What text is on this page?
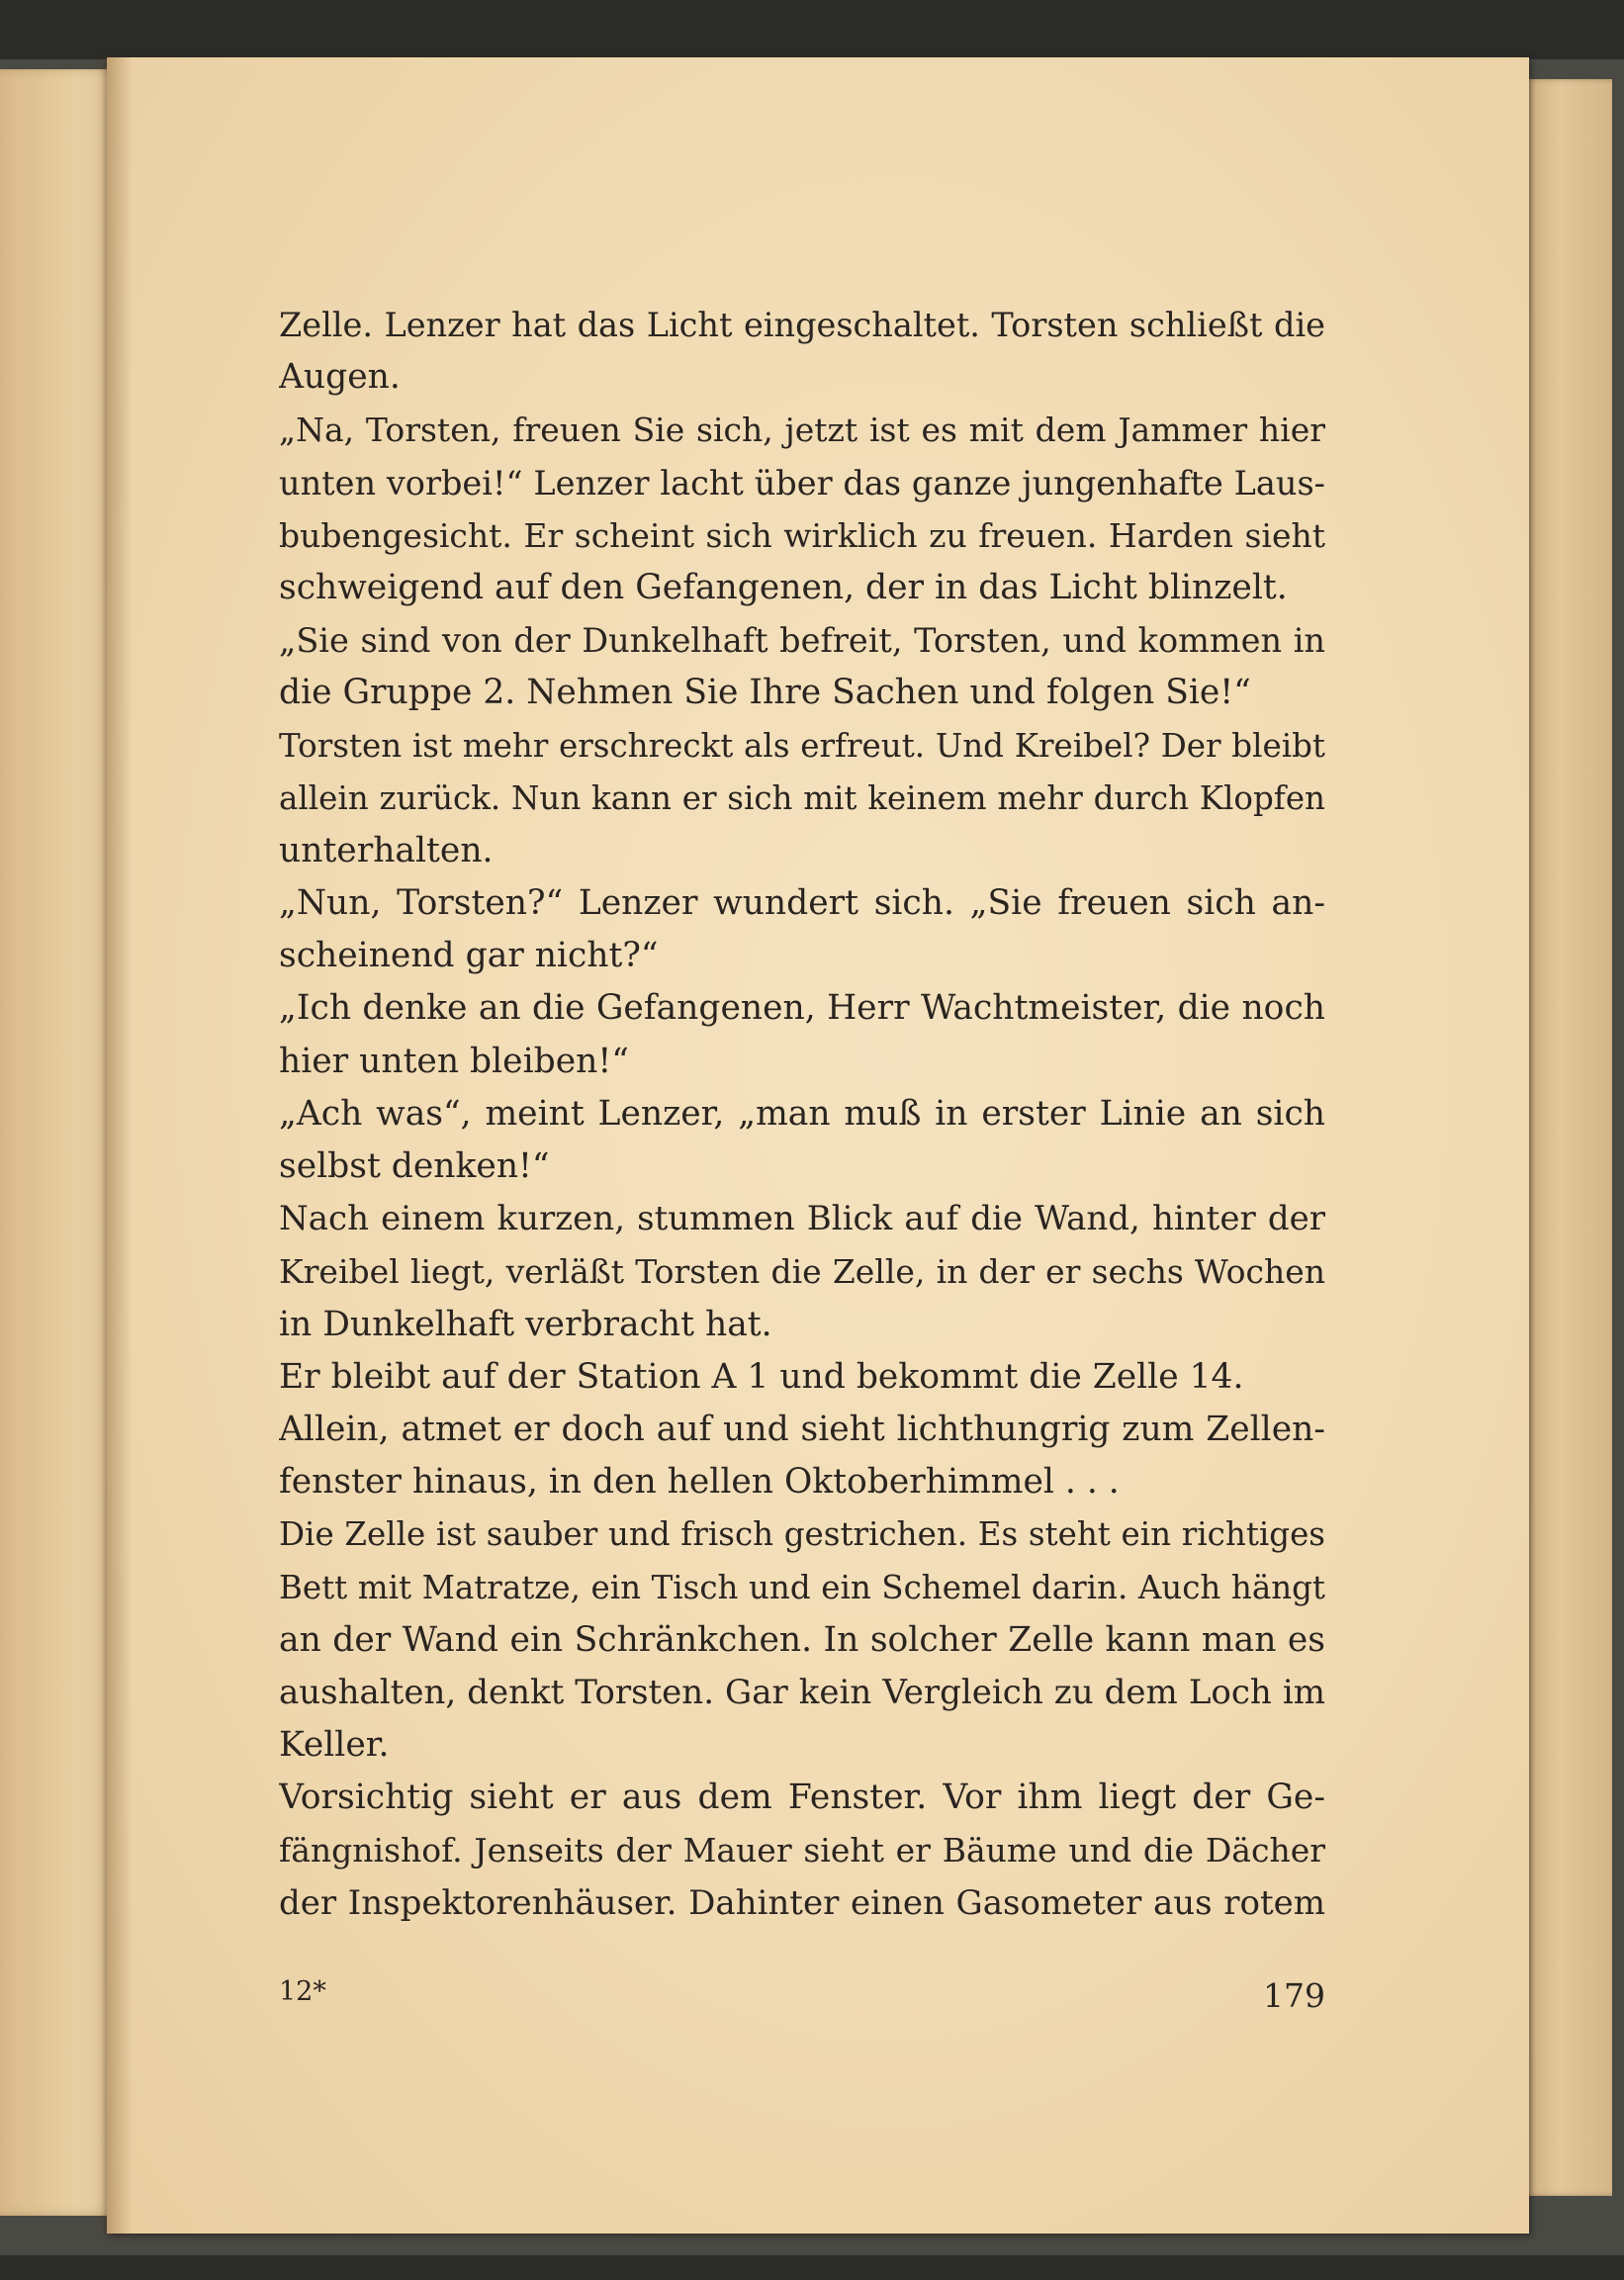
Zelle. Lenzer hat das Licht eingeschaltet. Torsten schließt die
Augen.
„Na, Torsten, freuen Sie sich, jetzt ist es mit dem Jammer hier
unten vorbei!“ Lenzer lacht über das ganze jungenhafte Laus-
bubengesicht. Er scheint sich wirklich zu freuen. Harden sieht
schweigend auf den Gefangenen, der in das Licht blinzelt.
„Sie sind von der Dunkelhaft befreit, Torsten, und kommen in
die Gruppe 2. Nehmen Sie Ihre Sachen und folgen Sie!“
Torsten ist mehr erschreckt als erfreut. Und Kreibel? Der bleibt
allein zurück. Nun kann er sich mit keinem mehr durch Klopfen
unterhalten.
„Nun, Torsten?“ Lenzer wundert sich. „Sie freuen sich an-
scheinend gar nicht?“
„Ich denke an die Gefangenen, Herr Wachtmeister, die noch
hier unten bleiben!“
„Ach was“, meint Lenzer, „man muß in erster Linie an sich
selbst denken!“
Nach einem kurzen, stummen Blick auf die Wand, hinter der
Kreibel liegt, verläßt Torsten die Zelle, in der er sechs Wochen
in Dunkelhaft verbracht hat.
Er bleibt auf der Station A 1 und bekommt die Zelle 14.
Allein, atmet er doch auf und sieht lichthungrig zum Zellen-
fenster hinaus, in den hellen Oktoberhimmel . . .
Die Zelle ist sauber und frisch gestrichen. Es steht ein richtiges
Bett mit Matratze, ein Tisch und ein Schemel darin. Auch hängt
an der Wand ein Schränkchen. In solcher Zelle kann man es
aushalten, denkt Torsten. Gar kein Vergleich zu dem Loch im
Keller.
Vorsichtig sieht er aus dem Fenster. Vor ihm liegt der Ge-
fängnishof. Jenseits der Mauer sieht er Bäume und die Dächer
der Inspektorenhäuser. Dahinter einen Gasometer aus rotem
12*	179
